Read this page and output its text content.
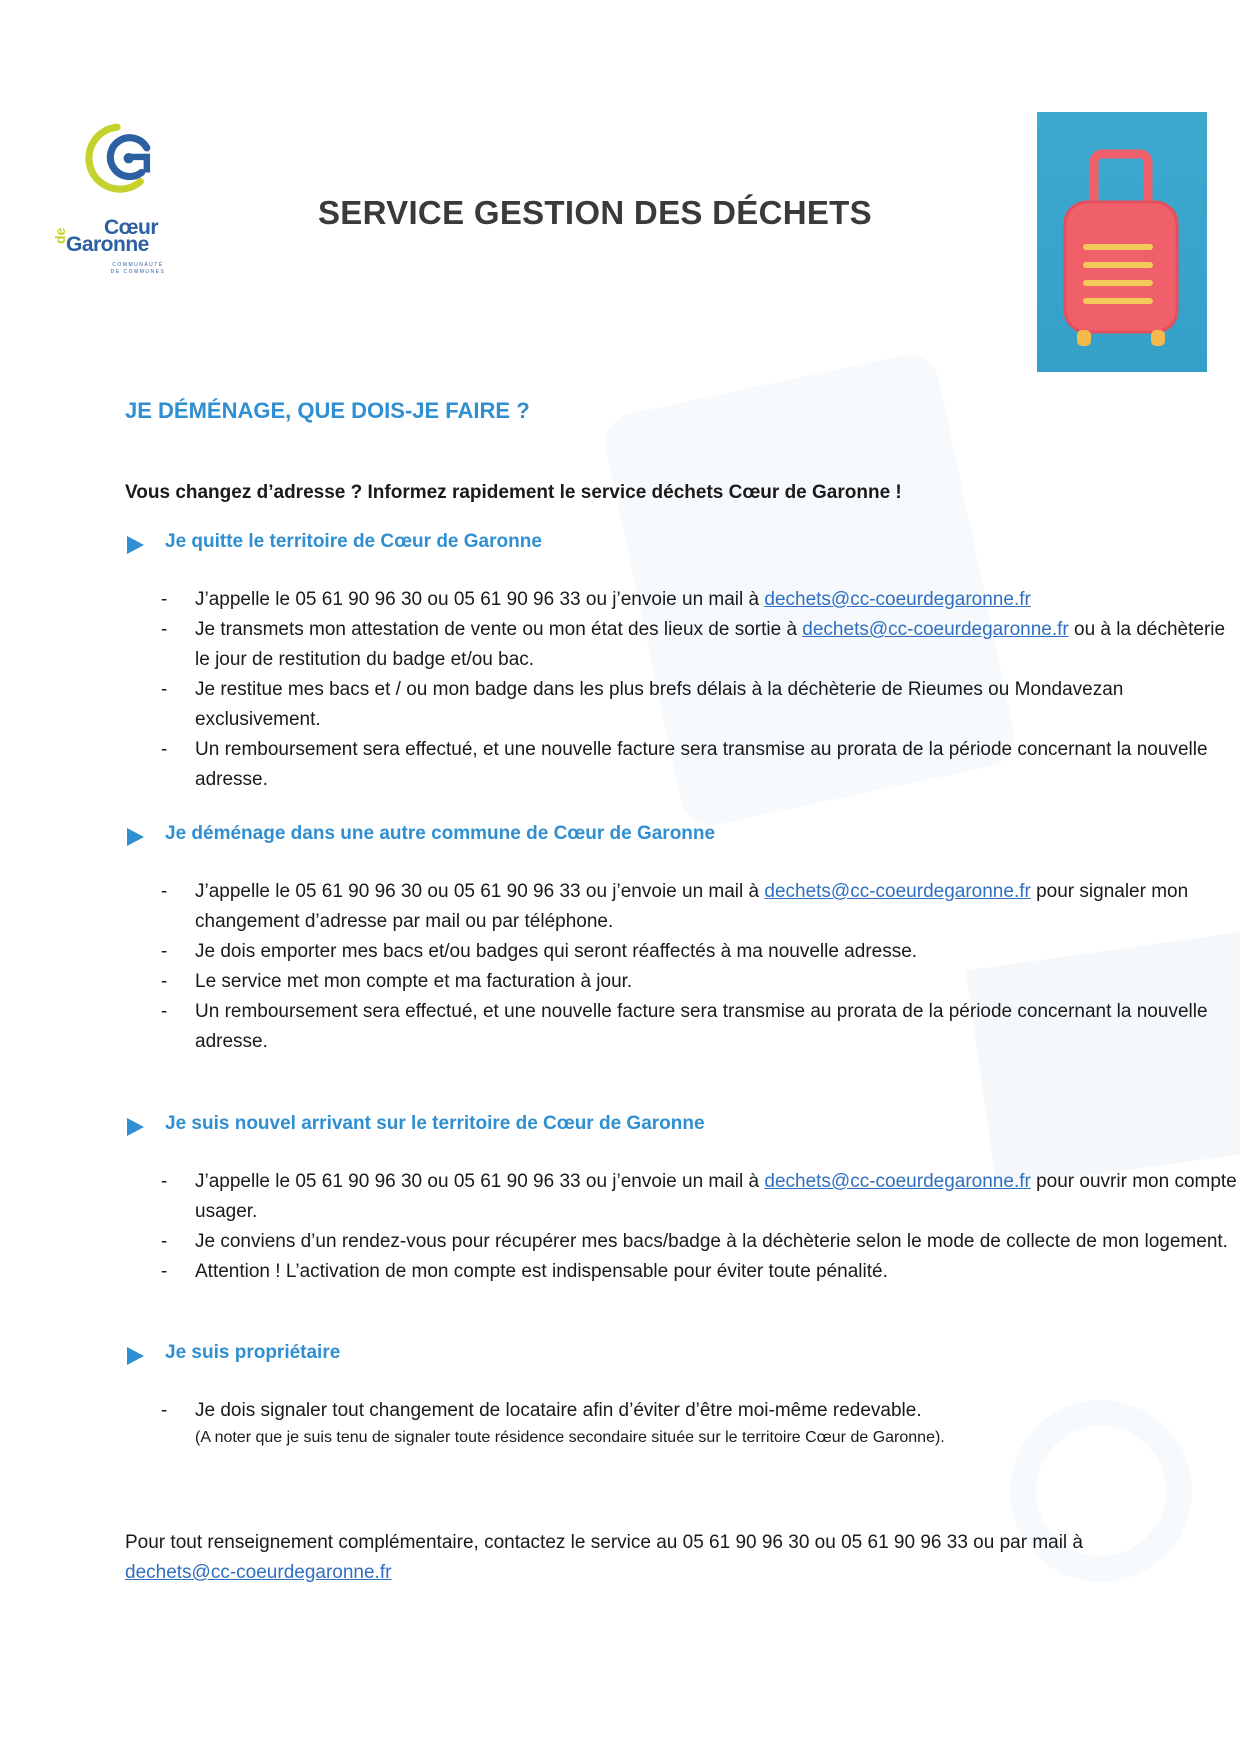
Cœur
de
Garonne
COMMUNAUTÉ
DE COMMUNES
SERVICE GESTION DES DÉCHETS
JE DÉMÉNAGE, QUE DOIS-JE FAIRE ?
Vous changez d’adresse ? Informez rapidement le service déchets Cœur de Garonne !
Je quitte le territoire de Cœur de Garonne
- J’appelle le 05 61 90 96 30 ou 05 61 90 96 33 ou j’envoie un mail à dechets@cc-coeurdegaronne.fr
- Je transmets mon attestation de vente ou mon état des lieux de sortie à dechets@cc-coeurdegaronne.fr ou à la déchèterie le jour de restitution du badge et/ou bac.
- Je restitue mes bacs et / ou mon badge dans les plus brefs délais à la déchèterie de Rieumes ou Mondavezan exclusivement.
- Un remboursement sera effectué, et une nouvelle facture sera transmise au prorata de la période concernant la nouvelle adresse.
Je déménage dans une autre commune de Cœur de Garonne
- J’appelle le 05 61 90 96 30 ou 05 61 90 96 33 ou j’envoie un mail à dechets@cc-coeurdegaronne.fr pour signaler mon changement d’adresse par mail ou par téléphone.
- Je dois emporter mes bacs et/ou badges qui seront réaffectés à ma nouvelle adresse.
- Le service met mon compte et ma facturation à jour.
- Un remboursement sera effectué, et une nouvelle facture sera transmise au prorata de la période concernant la nouvelle adresse.
Je suis nouvel arrivant sur le territoire de Cœur de Garonne
- J’appelle le 05 61 90 96 30 ou 05 61 90 96 33 ou j’envoie un mail à dechets@cc-coeurdegaronne.fr pour ouvrir mon compte usager.
- Je conviens d’un rendez-vous pour récupérer mes bacs/badge à la déchèterie selon le mode de collecte de mon logement.
- Attention ! L’activation de mon compte est indispensable pour éviter toute pénalité.
Je suis propriétaire
- Je dois signaler tout changement de locataire afin d’éviter d’être moi-même redevable.
(A noter que je suis tenu de signaler toute résidence secondaire située sur le territoire Cœur de Garonne).
Pour tout renseignement complémentaire, contactez le service au 05 61 90 96 30 ou 05 61 90 96 33 ou par mail à dechets@cc-coeurdegaronne.fr
